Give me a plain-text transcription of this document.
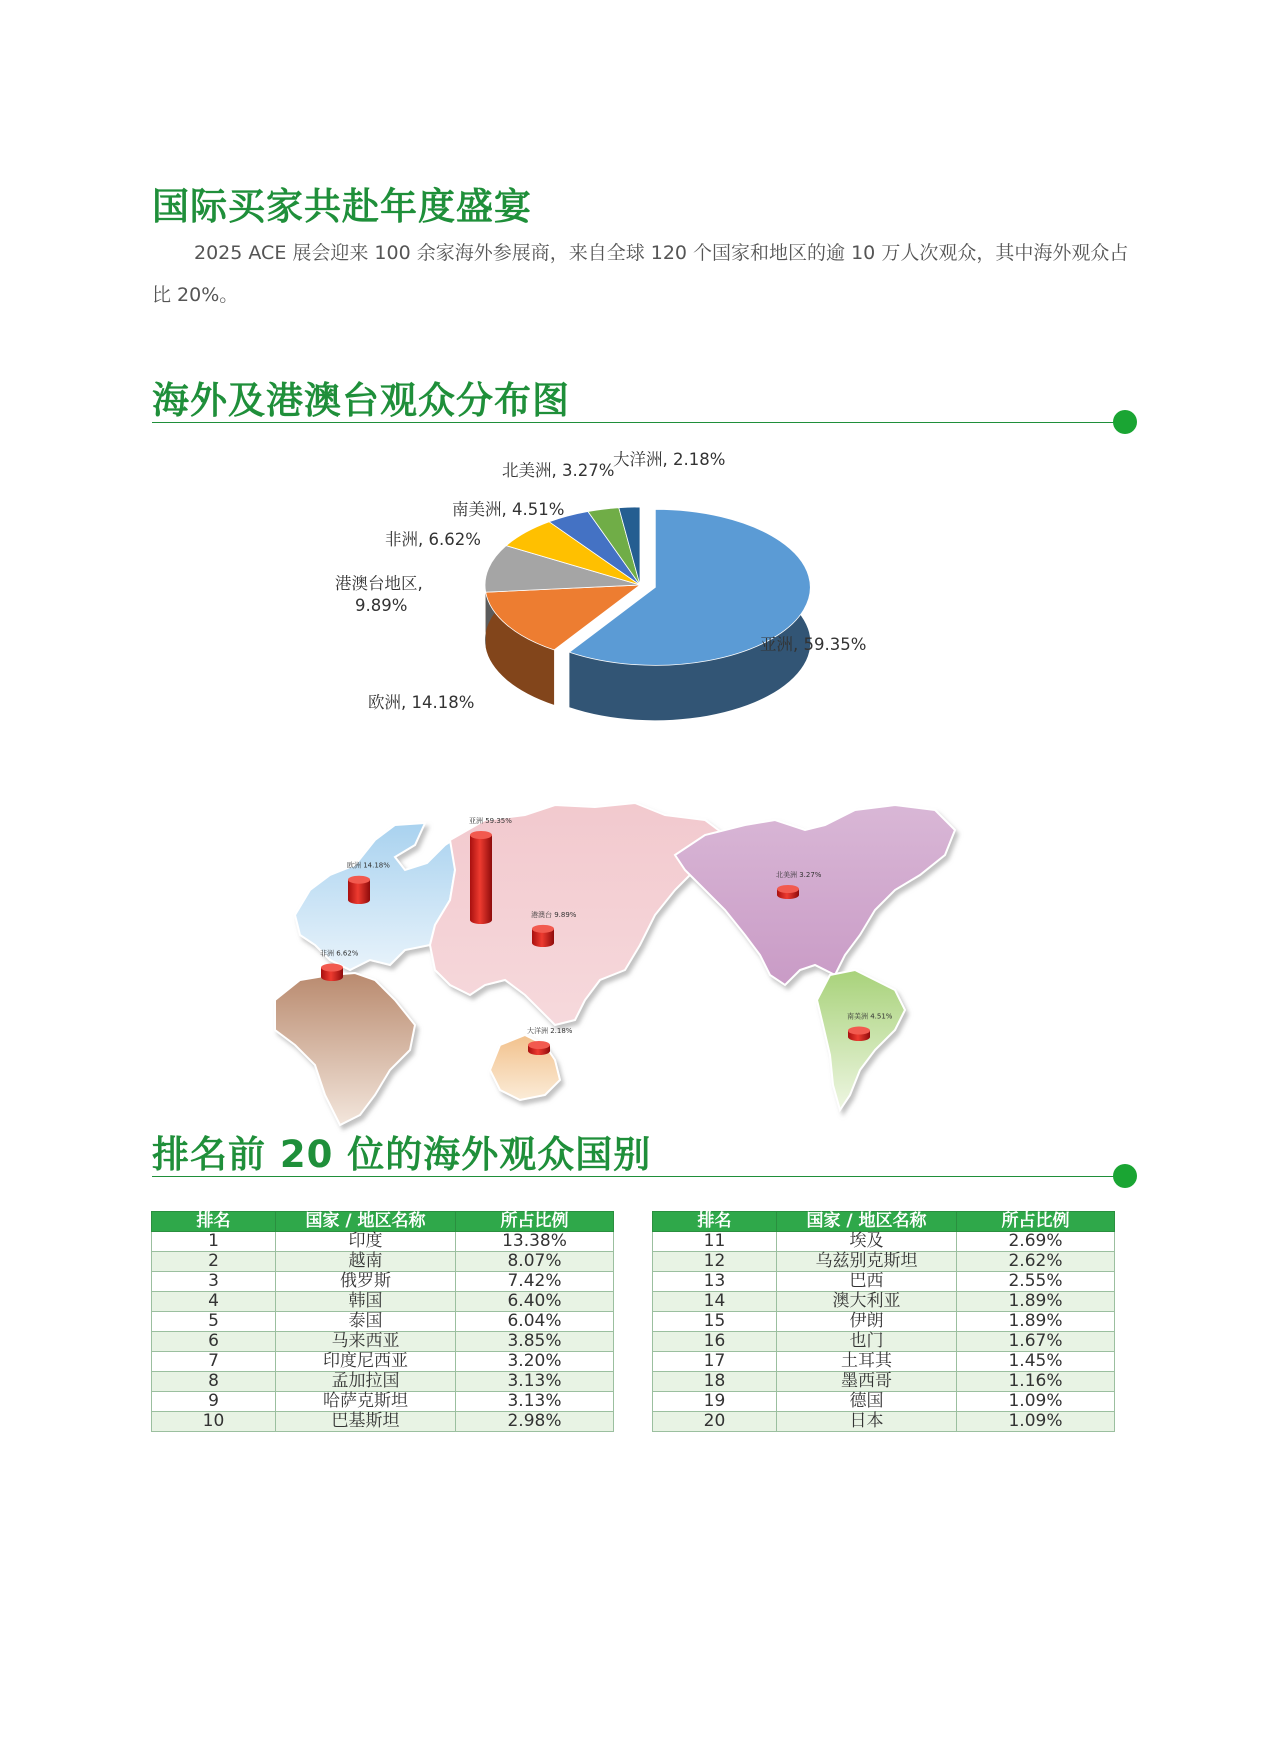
国际买家共赴年度盛宴

2025 ACE 展会迎来 100 余家海外参展商，来自全球 120 个国家和地区的逾 10 万人次观众，其中海外观众占比 20%。

海外及港澳台观众分布图
亚洲, 59.35%
欧洲, 14.18%
港澳台地区,
9.89%
非洲, 6.62%
南美洲, 4.51%
北美洲, 3.27%
大洋洲, 2.18%
欧洲 14.18%
亚洲 59.35%
港澳台 9.89%
非洲 6.62%
大洋洲 2.18%
北美洲 3.27%
南美洲 4.51%
排名前 20 位的海外观众国别
排名	国家 / 地区名称	所占比例
1	印度	13.38%
2	越南	8.07%
3	俄罗斯	7.42%
4	韩国	6.40%
5	泰国	6.04%
6	马来西亚	3.85%
7	印度尼西亚	3.20%
8	孟加拉国	3.13%
9	哈萨克斯坦	3.13%
10	巴基斯坦	2.98%
排名	国家 / 地区名称	所占比例
11	埃及	2.69%
12	乌兹别克斯坦	2.62%
13	巴西	2.55%
14	澳大利亚	1.89%
15	伊朗	1.89%
16	也门	1.67%
17	土耳其	1.45%
18	墨西哥	1.16%
19	德国	1.09%
20	日本	1.09%
